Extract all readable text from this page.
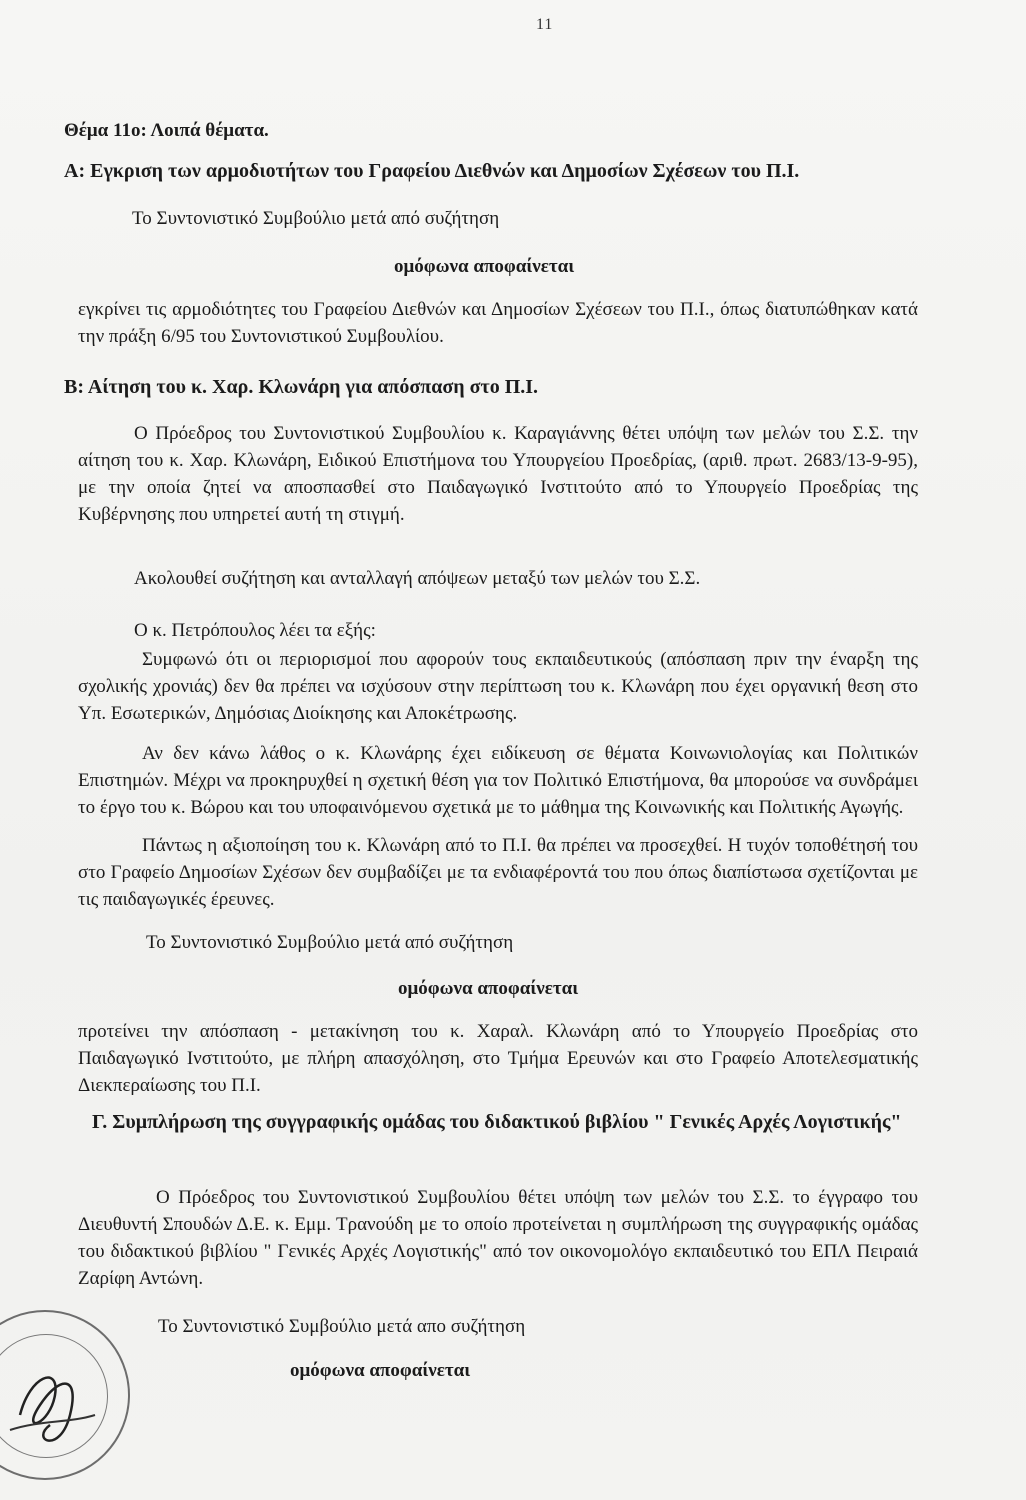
11
Θέμα 11ο: Λοιπά θέματα.
Α: Εγκριση των αρμοδιοτήτων του Γραφείου Διεθνών και Δημοσίων Σχέσεων του Π.Ι.
Το Συντονιστικό Συμβούλιο μετά από συζήτηση
ομόφωνα αποφαίνεται
εγκρίνει τις αρμοδιότητες του Γραφείου Διεθνών και Δημοσίων Σχέσεων του Π.Ι., όπως διατυπώθηκαν κατά την πράξη 6/95 του Συντονιστικού Συμβουλίου.
Β: Αίτηση του κ. Χαρ. Κλωνάρη για απόσπαση στο Π.Ι.
Ο Πρόεδρος του Συντονιστικού Συμβουλίου κ. Καραγιάννης θέτει υπόψη των μελών του Σ.Σ. την αίτηση του κ. Χαρ. Κλωνάρη, Ειδικού Επιστήμονα του Υπουργείου Προεδρίας, (αριθ. πρωτ. 2683/13-9-95), με την οποία ζητεί να αποσπασθεί στο Παιδαγωγικό Ινστιτούτο από το Υπουργείο Προεδρίας της Κυβέρνησης που υπηρετεί αυτή τη στιγμή.
Ακολουθεί συζήτηση και ανταλλαγή απόψεων μεταξύ των μελών του Σ.Σ.
Ο κ. Πετρόπουλος λέει τα εξής:
Συμφωνώ ότι οι περιορισμοί που αφορούν τους εκπαιδευτικούς (απόσπαση πριν την έναρξη της σχολικής χρονιάς) δεν θα πρέπει να ισχύσουν στην περίπτωση του κ. Κλωνάρη που έχει οργανική θεση στο Υπ. Εσωτερικών, Δημόσιας Διοίκησης και Αποκέτρωσης.
Αν δεν κάνω λάθος ο κ. Κλωνάρης έχει ειδίκευση σε θέματα Κοινωνιολογίας και Πολιτικών Επιστημών. Μέχρι να προκηρυχθεί η σχετική θέση για τον Πολιτικό Επιστήμονα, θα μπορούσε να συνδράμει το έργο του κ. Βώρου και του υποφαινόμενου σχετικά με το μάθημα της Κοινωνικής και Πολιτικής Αγωγής.
Πάντως η αξιοποίηση του κ. Κλωνάρη από το Π.Ι. θα πρέπει να προσεχθεί. Η τυχόν τοποθέτησή του στο Γραφείο Δημοσίων Σχέσων δεν συμβαδίζει με τα ενδιαφέροντά του που όπως διαπίστωσα σχετίζονται με τις παιδαγωγικές έρευνες.
Το Συντονιστικό Συμβούλιο μετά από συζήτηση
ομόφωνα αποφαίνεται
προτείνει την απόσπαση - μετακίνηση του κ. Χαραλ. Κλωνάρη από το Υπουργείο Προεδρίας στο Παιδαγωγικό Ινστιτούτο, με πλήρη απασχόληση, στο Τμήμα Ερευνών και στο Γραφείο Αποτελεσματικής Διεκπεραίωσης του Π.Ι.
Γ. Συμπλήρωση της συγγραφικής ομάδας του διδακτικού βιβλίου " Γενικές Αρχές Λογιστικής"
Ο Πρόεδρος του Συντονιστικού Συμβουλίου θέτει υπόψη των μελών του Σ.Σ. το έγγραφο του Διευθυντή Σπουδών Δ.Ε. κ. Εμμ. Τρανούδη με το οποίο προτείνεται η συμπλήρωση της συγγραφικής ομάδας του διδακτικού βιβλίου " Γενικές Αρχές Λογιστικής" από τον οικονομολόγο εκπαιδευτικό του ΕΠΛ Πειραιά Ζαρίφη Αντώνη.
Το Συντονιστικό Συμβούλιο μετά απο συζήτηση
ομόφωνα αποφαίνεται
